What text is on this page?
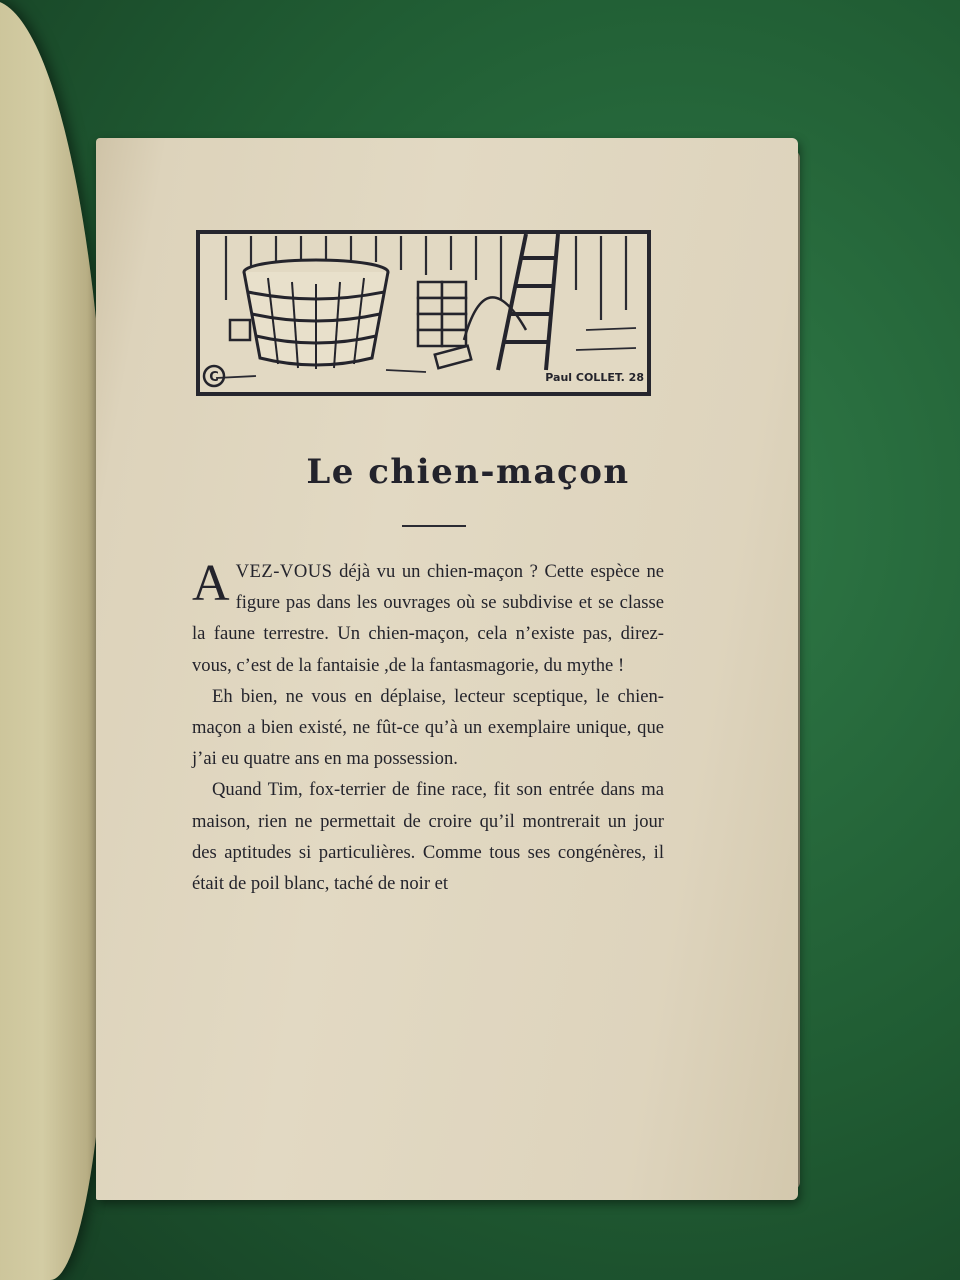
C	Paul COLLET. 28
Le chien-maçon

AVEZ-VOUS déjà vu un chien-maçon ? Cette espèce ne figure pas dans les ouvrages où se subdivise et se classe la faune terrestre. Un chien-maçon, cela n’existe pas, direz-vous, c’est de la fantaisie ,de la fantasmagorie, du mythe !

Eh bien, ne vous en déplaise, lecteur sceptique, le chien-maçon a bien existé, ne fût-ce qu’à un exemplaire unique, que j’ai eu quatre ans en ma possession.

Quand Tim, fox-terrier de fine race, fit son entrée dans ma maison, rien ne permettait de croire qu’il montrerait un jour des aptitudes si particulières. Comme tous ses congénères, il était de poil blanc, taché de noir et
